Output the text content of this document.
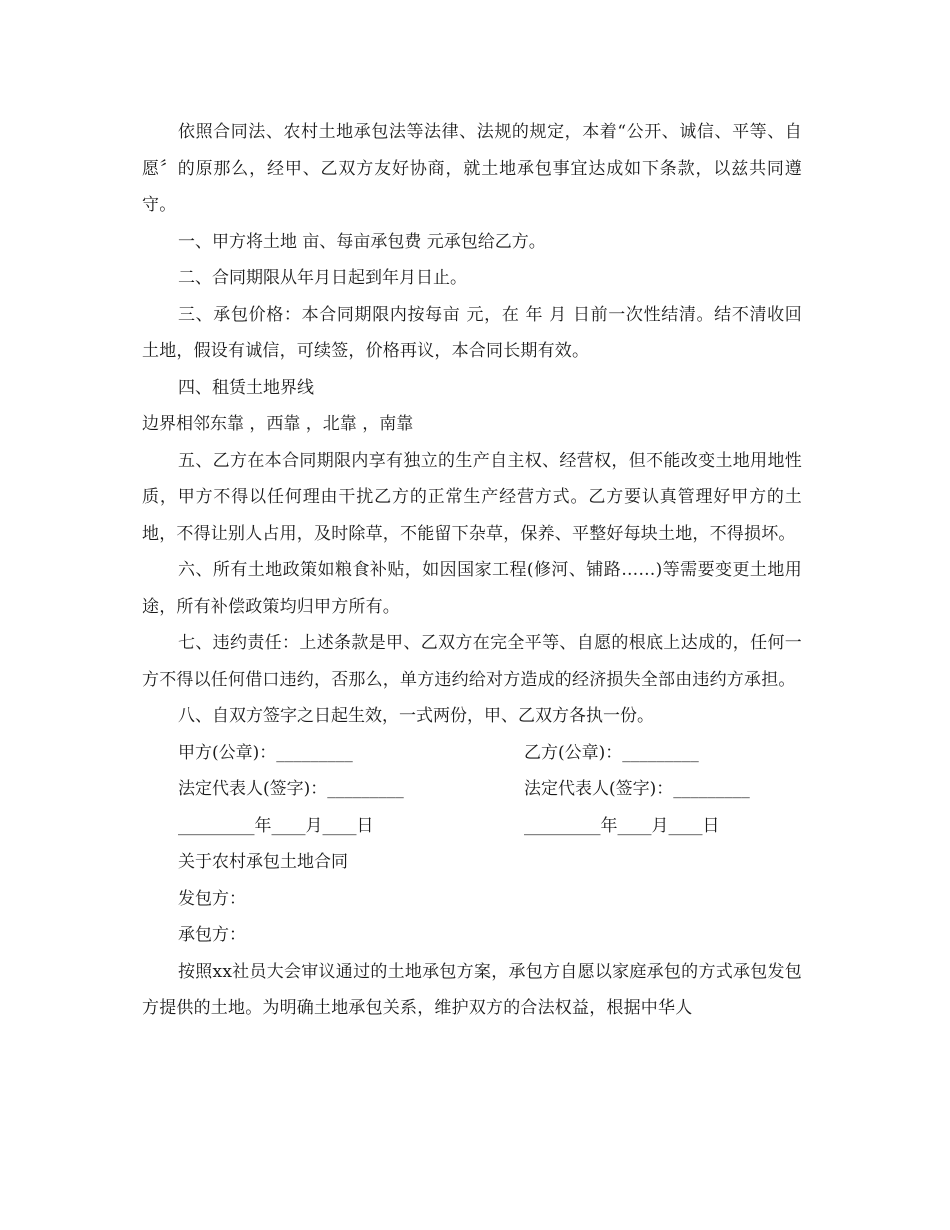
依照合同法、农村土地承包法等法律、法规的规定，本着“公开、诚信、平等、自愿〞的原那么，经甲、乙双方友好协商，就土地承包事宜达成如下条款，以兹共同遵守。

一、甲方将土地 亩、每亩承包费 元承包给乙方。

二、合同期限从年月日起到年月日止。

三、承包价格：本合同期限内按每亩 元，在 年 月 日前一次性结清。结不清收回土地，假设有诚信，可续签，价格再议，本合同长期有效。

四、租赁土地界线

边界相邻东靠 ，西靠 ，北靠 ，南靠

五、乙方在本合同期限内享有独立的生产自主权、经营权，但不能改变土地用地性质，甲方不得以任何理由干扰乙方的正常生产经营方式。乙方要认真管理好甲方的土地，不得让别人占用，及时除草，不能留下杂草，保养、平整好每块土地，不得损坏。

六、所有土地政策如粮食补贴，如因国家工程(修河、铺路……)等需要变更土地用途，所有补偿政策均归甲方所有。

七、违约责任：上述条款是甲、乙双方在完全平等、自愿的根底上达成的，任何一方不得以任何借口违约，否那么，单方违约给对方造成的经济损失全部由违约方承担。

八、自双方签字之日起生效，一式两份，甲、乙双方各执一份。

甲方(公章)：_________	乙方(公章)：_________
法定代表人(签字)：_________	法定代表人(签字)：_________
_________年____月____日	_________年____月____日

关于农村承包土地合同

发包方：

承包方：

按照xx社员大会审议通过的土地承包方案，承包方自愿以家庭承包的方式承包发包方提供的土地。为明确土地承包关系，维护双方的合法权益，根据中华人
